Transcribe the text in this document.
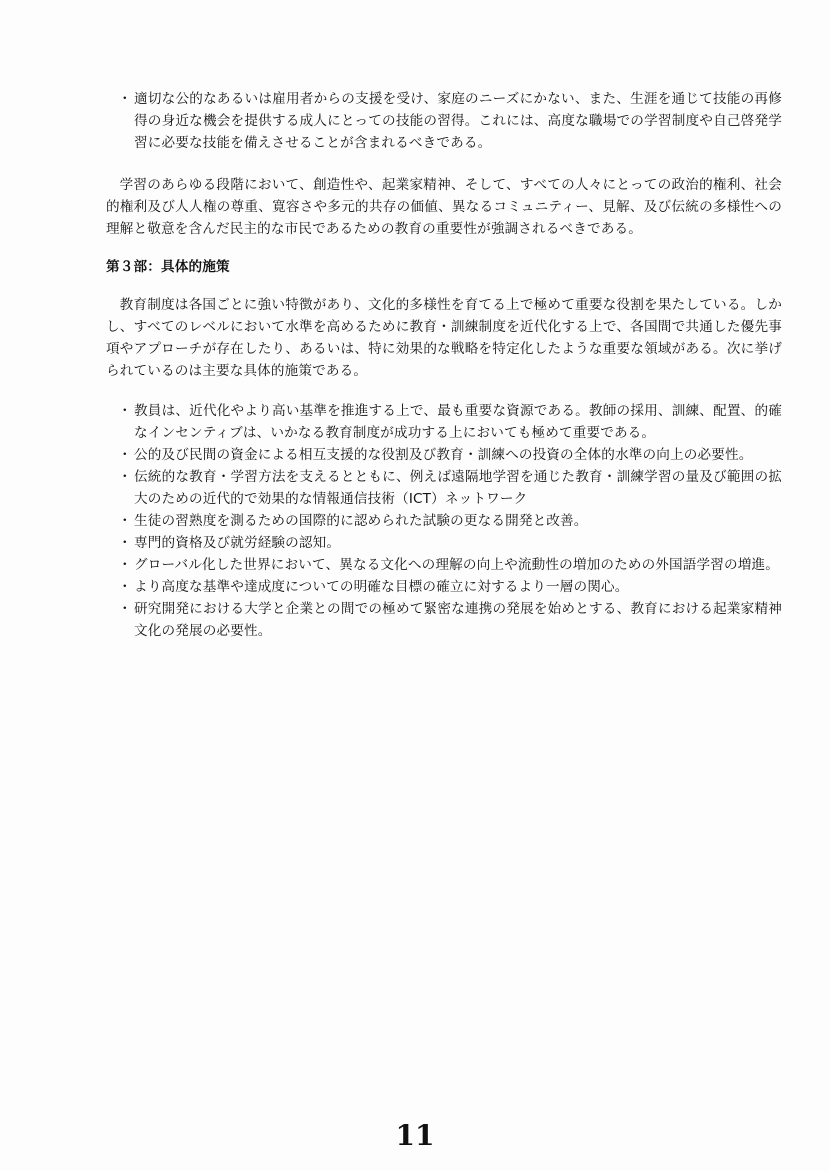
・ 適切な公的なあるいは雇用者からの支援を受け、家庭のニーズにかない、また、生涯を通じて技能の再修得の身近な機会を提供する成人にとっての技能の習得。これには、高度な職場での学習制度や自己啓発学習に必要な技能を備えさせることが含まれるべきである。

学習のあらゆる段階において、創造性や、起業家精神、そして、すべての人々にとっての政治的権利、社会的権利及び人人権の尊重、寛容さや多元的共存の価値、異なるコミュニティー、見解、及び伝統の多様性への理解と敬意を含んだ民主的な市民であるための教育の重要性が強調されるべきである。

第３部：具体的施策

教育制度は各国ごとに強い特徴があり、文化的多様性を育てる上で極めて重要な役割を果たしている。しかし、すべてのレベルにおいて水準を高めるために教育・訓練制度を近代化する上で、各国間で共通した優先事項やアプローチが存在したり、あるいは、特に効果的な戦略を特定化したような重要な領域がある。次に挙げられているのは主要な具体的施策である。

・ 教員は、近代化やより高い基準を推進する上で、最も重要な資源である。教師の採用、訓練、配置、的確なインセンティブは、いかなる教育制度が成功する上においても極めて重要である。
・ 公的及び民間の資金による相互支援的な役割及び教育・訓練への投資の全体的水準の向上の必要性。
・ 伝統的な教育・学習方法を支えるとともに、例えば遠隔地学習を通じた教育・訓練学習の量及び範囲の拡大のための近代的で効果的な情報通信技術（ICT）ネットワーク
・ 生徒の習熟度を測るための国際的に認められた試験の更なる開発と改善。
・ 専門的資格及び就労経験の認知。
・ グローバル化した世界において、異なる文化への理解の向上や流動性の増加のための外国語学習の増進。
・ より高度な基準や達成度についての明確な目標の確立に対するより一層の関心。
・ 研究開発における大学と企業との間での極めて緊密な連携の発展を始めとする、教育における起業家精神文化の発展の必要性。
11
